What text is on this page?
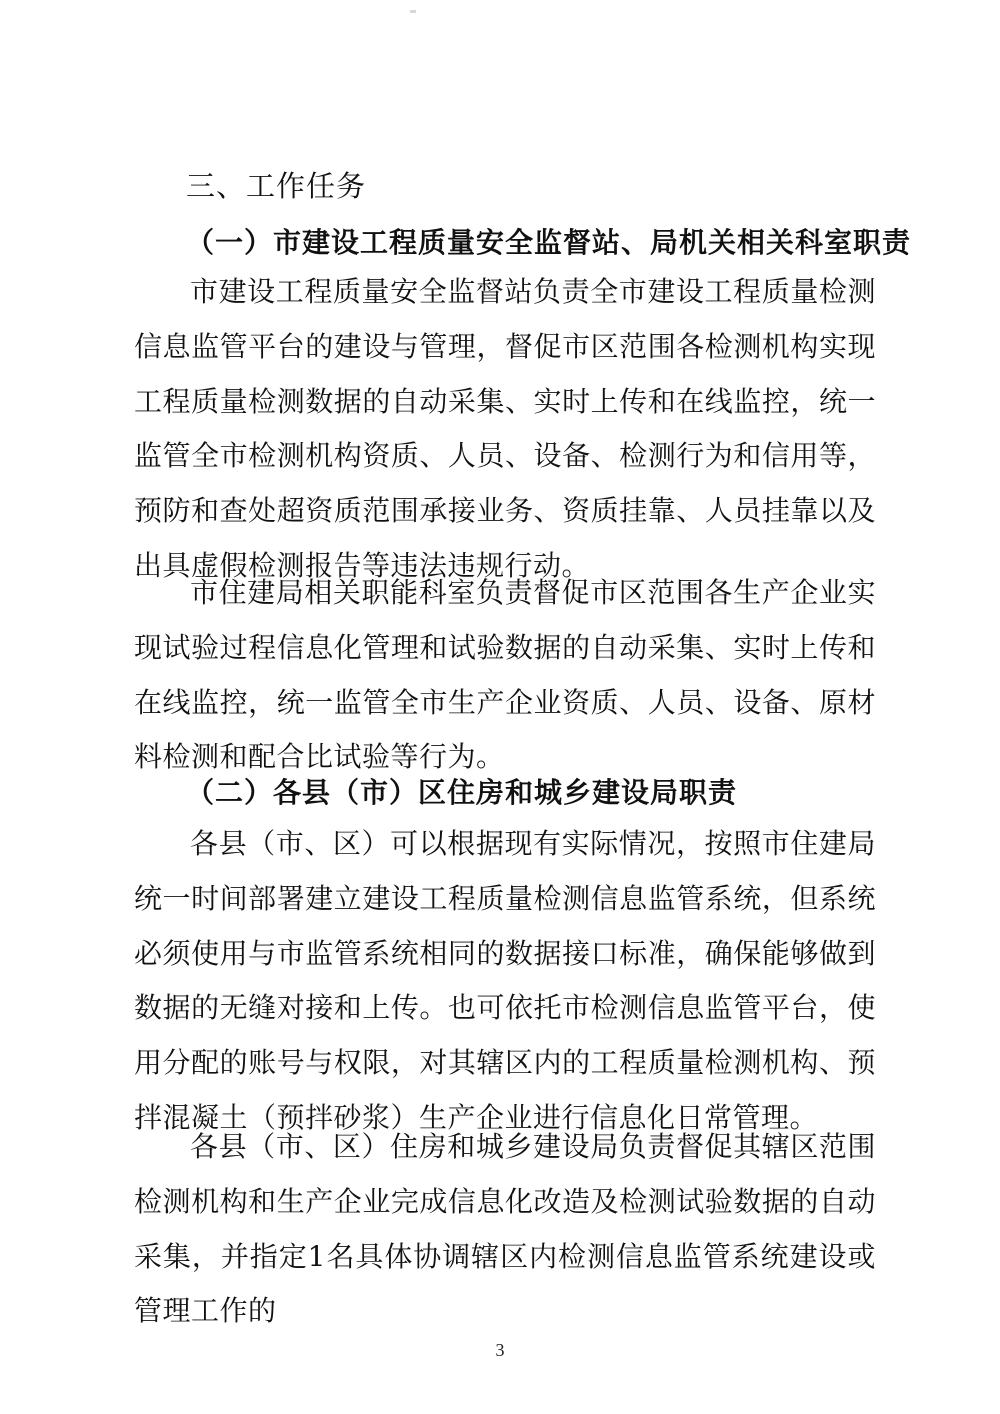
三、工作任务
（一）市建设工程质量安全监督站、局机关相关科室职责

市建设工程质量安全监督站负责全市建设工程质量检测信息监管平台的建设与管理，督促市区范围各检测机构实现工程质量检测数据的自动采集、实时上传和在线监控，统一监管全市检测机构资质、人员、设备、检测行为和信用等，预防和查处超资质范围承接业务、资质挂靠、人员挂靠以及出具虚假检测报告等违法违规行动。

市住建局相关职能科室负责督促市区范围各生产企业实现试验过程信息化管理和试验数据的自动采集、实时上传和在线监控，统一监管全市生产企业资质、人员、设备、原材料检测和配合比试验等行为。

（二）各县（市）区住房和城乡建设局职责

各县（市、区）可以根据现有实际情况，按照市住建局统一时间部署建立建设工程质量检测信息监管系统，但系统必须使用与市监管系统相同的数据接口标准，确保能够做到数据的无缝对接和上传。也可依托市检测信息监管平台，使用分配的账号与权限，对其辖区内的工程质量检测机构、预拌混凝土（预拌砂浆）生产企业进行信息化日常管理。

各县（市、区）住房和城乡建设局负责督促其辖区范围检测机构和生产企业完成信息化改造及检测试验数据的自动采集，并指定1名具体协调辖区内检测信息监管系统建设或管理工作的

3
